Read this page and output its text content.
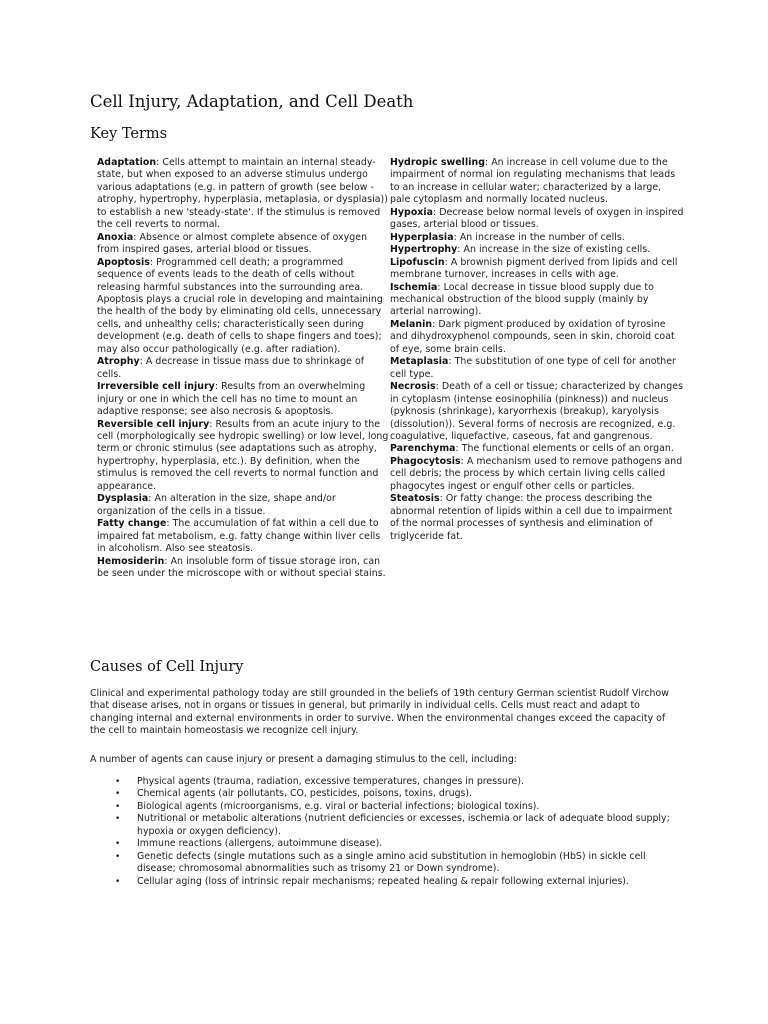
Cell Injury, Adaptation, and Cell Death
Key Terms

Adaptation: Cells attempt to maintain an internal steady-state, but when exposed to an adverse stimulus undergo various adaptations (e.g. in pattern of growth (see below - atrophy, hypertrophy, hyperplasia, metaplasia, or dysplasia)) to establish a new 'steady-state'. If the stimulus is removed the cell reverts to normal.

Anoxia: Absence or almost complete absence of oxygen from inspired gases, arterial blood or tissues.

Apoptosis: Programmed cell death; a programmed sequence of events leads to the death of cells without releasing harmful substances into the surrounding area. Apoptosis plays a crucial role in developing and maintaining the health of the body by eliminating old cells, unnecessary cells, and unhealthy cells; characteristically seen during development (e.g. death of cells to shape fingers and toes); may also occur pathologically (e.g. after radiation).

Atrophy: A decrease in tissue mass due to shrinkage of cells.

Irreversible cell injury: Results from an overwhelming injury or one in which the cell has no time to mount an adaptive response; see also necrosis & apoptosis.

Reversible cell injury: Results from an acute injury to the cell (morphologically see hydropic swelling) or low level, long term or chronic stimulus (see adaptations such as atrophy, hypertrophy, hyperplasia, etc.). By definition, when the stimulus is removed the cell reverts to normal function and appearance.

Dysplasia: An alteration in the size, shape and/or organization of the cells in a tissue.

Fatty change: The accumulation of fat within a cell due to impaired fat metabolism, e.g. fatty change within liver cells in alcoholism. Also see steatosis.

Hemosiderin: An insoluble form of tissue storage iron, can be seen under the microscope with or without special stains.

Hydropic swelling: An increase in cell volume due to the impairment of normal ion regulating mechanisms that leads to an increase in cellular water; characterized by a large, pale cytoplasm and normally located nucleus.

Hypoxia: Decrease below normal levels of oxygen in inspired gases, arterial blood or tissues.

Hyperplasia: An increase in the number of cells.

Hypertrophy: An increase in the size of existing cells.

Lipofuscin: A brownish pigment derived from lipids and cell membrane turnover, increases in cells with age.

Ischemia: Local decrease in tissue blood supply due to mechanical obstruction of the blood supply (mainly by arterial narrowing).

Melanin: Dark pigment produced by oxidation of tyrosine and dihydroxyphenol compounds, seen in skin, choroid coat of eye, some brain cells.

Metaplasia: The substitution of one type of cell for another cell type.

Necrosis: Death of a cell or tissue; characterized by changes in cytoplasm (intense eosinophilia (pinkness)) and nucleus (pyknosis (shrinkage), karyorrhexis (breakup), karyolysis (dissolution)). Several forms of necrosis are recognized, e.g. coagulative, liquefactive, caseous, fat and gangrenous.

Parenchyma: The functional elements or cells of an organ.

Phagocytosis: A mechanism used to remove pathogens and cell debris; the process by which certain living cells called phagocytes ingest or engulf other cells or particles.

Steatosis: Or fatty change: the process describing the abnormal retention of lipids within a cell due to impairment of the normal processes of synthesis and elimination of triglyceride fat.

Causes of Cell Injury

Clinical and experimental pathology today are still grounded in the beliefs of 19th century German scientist Rudolf Virchow that disease arises, not in organs or tissues in general, but primarily in individual cells. Cells must react and adapt to changing internal and external environments in order to survive. When the environmental changes exceed the capacity of the cell to maintain homeostasis we recognize cell injury.

A number of agents can cause injury or present a damaging stimulus to the cell, including:

• Physical agents (trauma, radiation, excessive temperatures, changes in pressure).
• Chemical agents (air pollutants, CO, pesticides, poisons, toxins, drugs).
• Biological agents (microorganisms, e.g. viral or bacterial infections; biological toxins).
• Nutritional or metabolic alterations (nutrient deficiencies or excesses, ischemia or lack of adequate blood supply; hypoxia or oxygen deficiency).
• Immune reactions (allergens, autoimmune disease).
• Genetic defects (single mutations such as a single amino acid substitution in hemoglobin (HbS) in sickle cell disease; chromosomal abnormalities such as trisomy 21 or Down syndrome).
• Cellular aging (loss of intrinsic repair mechanisms; repeated healing & repair following external injuries).
